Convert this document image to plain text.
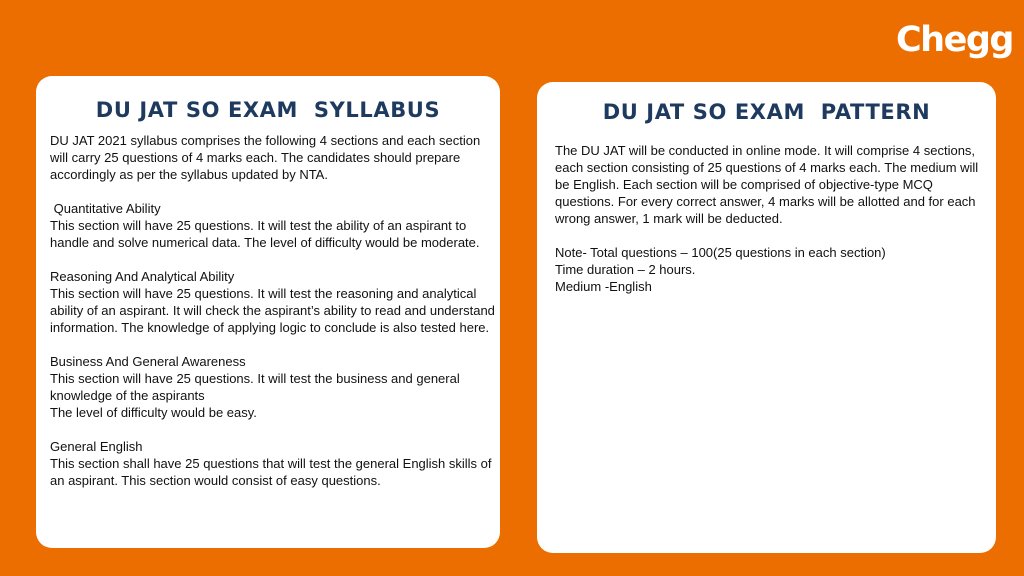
Chegg
DU JAT SO EXAM  SYLLABUS
DU JAT 2021 syllabus comprises the following 4 sections and each section will carry 25 questions of 4 marks each. The candidates should prepare accordingly as per the syllabus updated by NTA.
Quantitative Ability
This section will have 25 questions. It will test the ability of an aspirant to handle and solve numerical data. The level of difficulty would be moderate.
Reasoning And Analytical Ability
This section will have 25 questions. It will test the reasoning and analytical ability of an aspirant. It will check the aspirant’s ability to read and understand information. The knowledge of applying logic to conclude is also tested here.
Business And General Awareness
This section will have 25 questions. It will test the business and general knowledge of the aspirants
The level of difficulty would be easy.
General English
This section shall have 25 questions that will test the general English skills of an aspirant. This section would consist of easy questions.
DU JAT SO EXAM  PATTERN
The DU JAT will be conducted in online mode. It will comprise 4 sections, each section consisting of 25 questions of 4 marks each. The medium will be English. Each section will be comprised of objective-type MCQ questions. For every correct answer, 4 marks will be allotted and for each wrong answer, 1 mark will be deducted.
Note- Total questions – 100(25 questions in each section)
Time duration – 2 hours.
Medium -English
